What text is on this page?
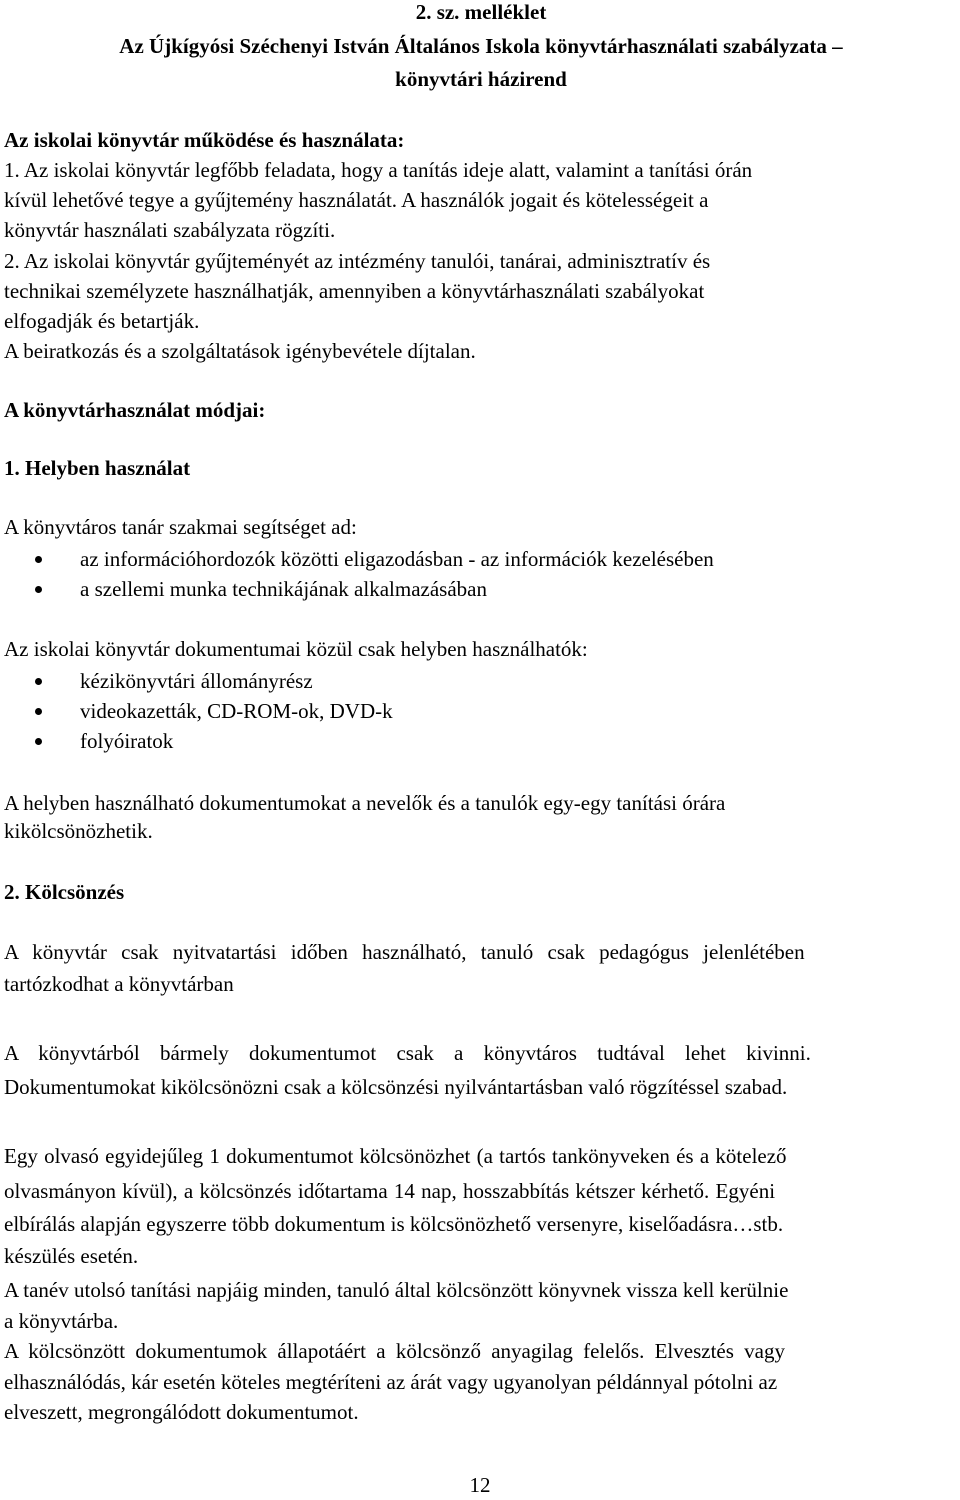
2. sz. melléklet

Az Újkígyósi Széchenyi István Általános Iskola könyvtárhasználati szabályzata –

könyvtári házirend

Az iskolai könyvtár működése és használata:

1. Az iskolai könyvtár legfőbb feladata, hogy a tanítás ideje alatt, valamint a tanítási órán

kívül lehetővé tegye a gyűjtemény használatát. A használók jogait és kötelességeit a

könyvtár használati szabályzata rögzíti.

2. Az iskolai könyvtár gyűjteményét az intézmény tanulói, tanárai, adminisztratív és

technikai személyzete használhatják, amennyiben a könyvtárhasználati szabályokat

elfogadják és betartják.

A beiratkozás és a szolgáltatások igénybevétele díjtalan.

A könyvtárhasználat módjai:

1. Helyben használat

A könyvtáros tanár szakmai segítséget ad:

az információhordozók közötti eligazodásban - az információk kezelésében
a szellemi munka technikájának alkalmazásában

Az iskolai könyvtár dokumentumai közül csak helyben használhatók:

kézikönyvtári állományrész
videokazetták, CD-ROM-ok, DVD-k
folyóiratok

A helyben használható dokumentumokat a nevelők és a tanulók egy-egy tanítási órára

kikölcsönözhetik.

2. Kölcsönzés

A könyvtár csak nyitvatartási időben használható, tanuló csak pedagógus jelenlétében

tartózkodhat a könyvtárban

A könyvtárból bármely dokumentumot csak a könyvtáros tudtával lehet kivinni.

Dokumentumokat kikölcsönözni csak a kölcsönzési nyilvántartásban való rögzítéssel szabad.

Egy olvasó egyidejűleg 1 dokumentumot kölcsönözhet (a tartós tankönyveken és a kötelező

olvasmányon kívül), a kölcsönzés időtartama 14 nap, hosszabbítás kétszer kérhető. Egyéni

elbírálás alapján egyszerre több dokumentum is kölcsönözhető versenyre, kiselőadásra…stb.

készülés esetén.

A tanév utolsó tanítási napjáig minden, tanuló által kölcsönzött könyvnek vissza kell kerülnie

a könyvtárba.

A kölcsönzött dokumentumok állapotáért a kölcsönző anyagilag felelős. Elvesztés vagy

elhasználódás, kár esetén köteles megtéríteni az árát vagy ugyanolyan példánnyal pótolni az

elveszett, megrongálódott dokumentumot.

12
